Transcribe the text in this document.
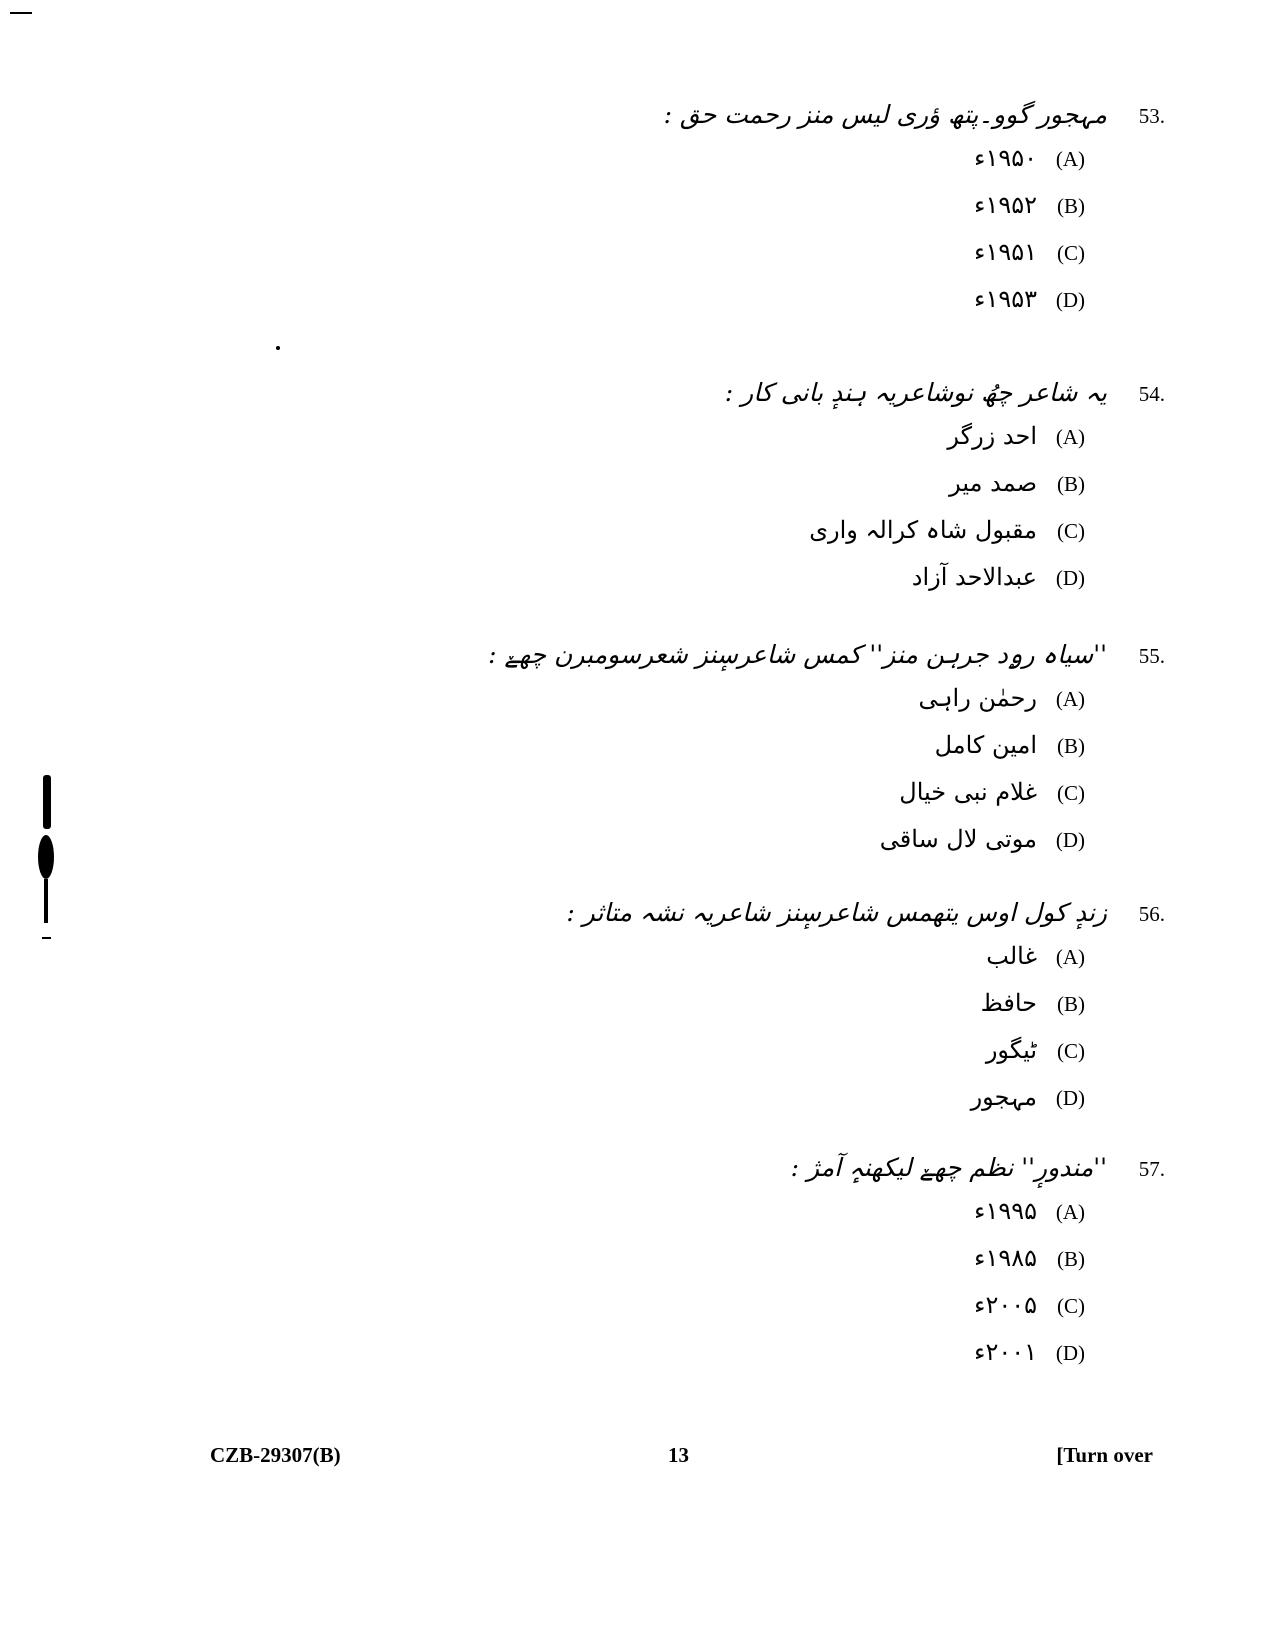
مہجور گوو۔پتھ ؤری لیس منز رحمت حق :	53.
۱۹۵۰ء (A)
۱۹۵۲ء (B)
۱۹۵۱ء (C)
۱۹۵۳ء (D)
یہ شاعر چھُ نوشاعریہ ہندٕ بانی کار :	54.
احد زرگر (A)
صمد میر (B)
مقبول شاہ کرالہ واری (C)
عبدالاحد آزاد (D)
''سیاہ رۄد جرہن منز'' کمس شاعرسٕنز شعرسومبرن چھےٚ :	55.
رحمٰن راہی (A)
امین کامل (B)
غلام نبی خیال (C)
موتی لال ساقی (D)
زندٕ کول اوس یتھمس شاعرسٕنز شاعریہ نشہ متاثر :	56.
غالب (A)
حافظ (B)
ٹیگور (C)
مہجور (D)
''مندورٕ'' نظم چھےٚ لیکھنہٕ آمژ :	57.
۱۹۹۵ء (A)
۱۹۸۵ء (B)
۲۰۰۵ء (C)
۲۰۰۱ء (D)
CZB-29307(B)	13	[Turn over
